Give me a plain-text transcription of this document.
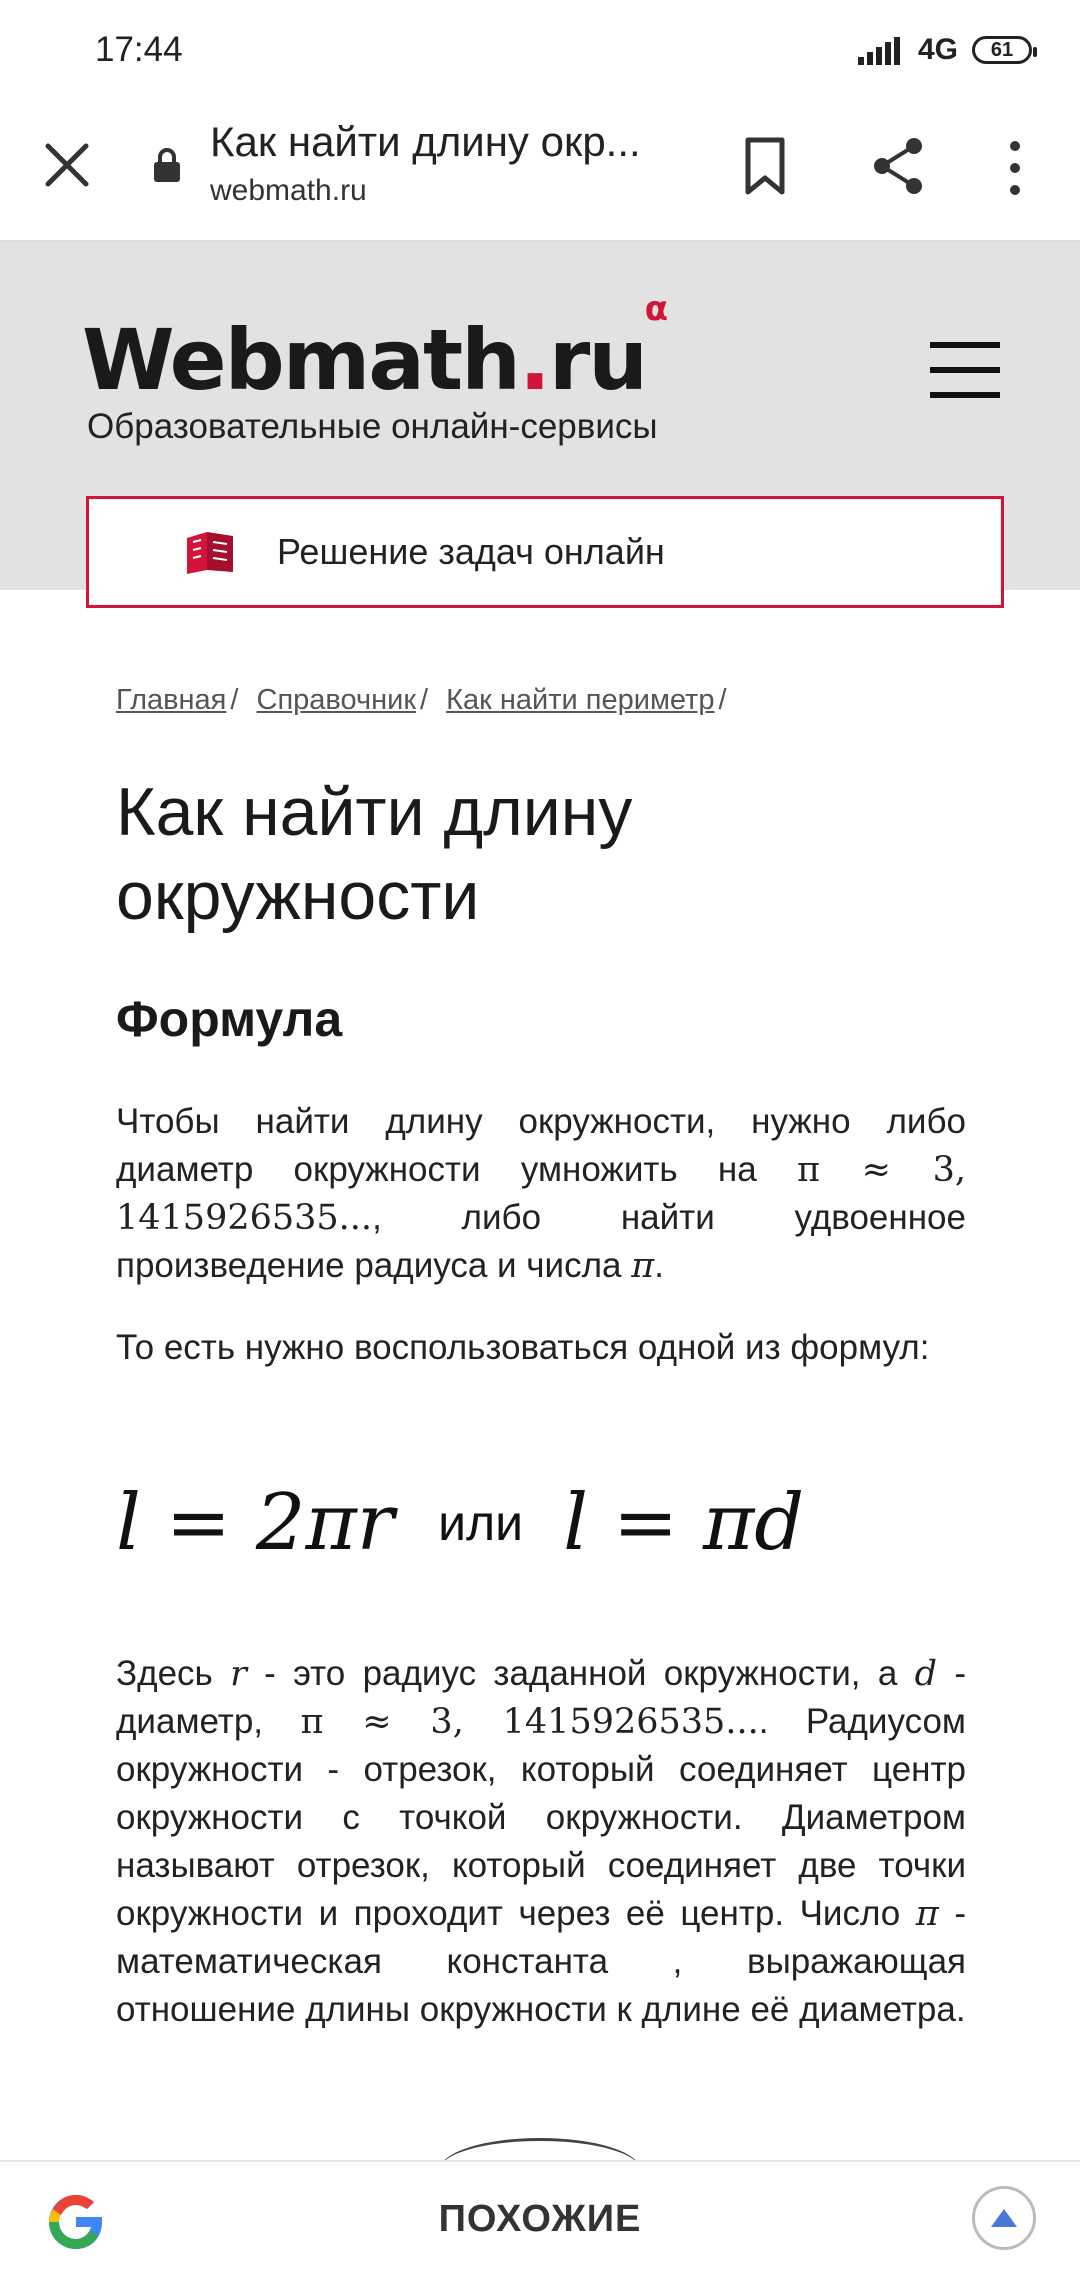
17:44	4G 61
Как найти длину окр...
webmath.ru
Webmath.ru
α
Образовательные онлайн-сервисы
Решение задач онлайн
Главная / Справочник / Как найти периметр /
Как найти длину окружности
Формула

Чтобы найти длину окружности, нужно либо диаметр окружности умножить на π ≈ 3, 1415926535..., либо найти удвоенное произведение радиуса и числа π.

То есть нужно воспользоваться одной из формул:

l = 2πr или l = πd

Здесь r - это радиус заданной окружности, а d - диаметр, π ≈ 3, 1415926535.... Радиусом окружности - отрезок, который соединяет центр окружности с точкой окружности. Диаметром называют отрезок, который соединяет две точки окружности и проходит через её центр. Число π - математическая константа , выражающая отношение длины окружности к длине её диаметра.

ПОХОЖИЕ
